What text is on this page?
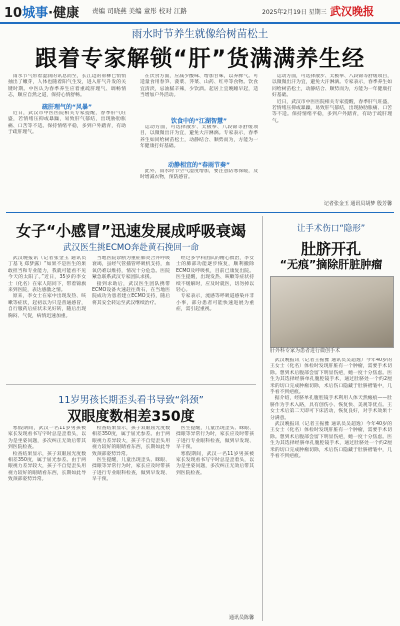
10城事·健康 责编 司晓燕 美编 童彤 校对 江路	2025年2月19日 星期三 武汉晚报
雨水时节养生就像给树苗松土
跟着专家解锁“肝”货满满养生经

雨水节气带着湿润的讯息而至，长江边的垂柳已悄悄抽出了嫩芽，人体也随着阳气生发，进入肝气升发的关键时期。中医认为春季养生应着重疏肝理气、调畅情志，顺应自然之道，保持心情舒畅。

疏肝理气的“风暴”

近日，武汉市中医医院相关专家提醒，春季肝气旺盛，若情绪压抑或暴躁，易致肝气郁结，出现胁肋胀痛、口苦等不适。保持情绪平稳，多到户外踏青，有助于疏肝理气。

在饮食方面，应减少酸味、增加甘味，以养脾气。可适量食用春笋、菠菜、荠菜、山药、红枣等食物。饮食宜清淡，忌油腻辛辣，少饮酒。起居上宜晚睡早起，适当增加户外活动。

饮食中的“江湖智慧”

运动方面，可选择散步、太极拳、八段锦等舒缓项目，以微微出汗为宜，避免大汗淋漓。专家表示，春季养生如同给树苗松土，动静结合、顺势而为，方能为一年健康打好基础。

动静相宜的“春雨节奏”

此外，雨水时节空气湿度增加，要注意防寒保暖，及时增减衣物，预防感冒。

运动方面，可选择散步、太极拳、八段锦等舒缓项目，以微微出汗为宜，避免大汗淋漓。专家表示，春季养生如同给树苗松土，动静结合、顺势而为，方能为一年健康打好基础。

近日，武汉市中医医院相关专家提醒，春季肝气旺盛，若情绪压抑或暴躁，易致肝气郁结，出现胁肋胀痛、口苦等不适。保持情绪平稳，多到户外踏青，有助于疏肝理气。

记者张金玉 通讯员胡梦 殷芳馨
女子“小感冒”迅速发展成呼吸衰竭
武汉医生挑ECMO奔赴黄石挽回一命

武汉晚报讯（记者张金玉 通讯员丁基飞 郑梦露）“如果不是医生的果敢担当和专业能力，我就可能看不见今天的太阳了。”近日，35岁的李女士（化名）在家人陪同下，带着锦旗来到医院，表达感激之情。

原来，李女士在家中出现发热、咳嗽等症状，起初以为只是普通感冒，自行服药后症状未见好转，随后出现胸闷、气促，病情迅速加重。

当地医院诊断为重症肺炎合并呼吸衰竭，虽经气管插管呼吸机支持，血氧仍难以维持，情况十分危急。医院紧急联系武汉专家团队求援。

接到求助后，武汉医生团队携带ECMO设备火速赶往黄石，在当地医院成功为患者建立ECMO支持，随后将其安全转运至武汉继续治疗。

经过多学科团队的精心救治，李女士的肺部功能逐步恢复，顺利撤除ECMO及呼吸机，目前已康复出院。医生提醒，出现发热、咳嗽等症状持续不缓解时，应及时就医，切勿掉以轻心。

专家表示，流感等呼吸道感染并非小事，部分患者可能快速进展为重症，需引起重视。

让手术伤口“隐形”
肚脐开孔
“无痕”摘除肝脏肿瘤
肝外科专家为患者进行微创手术

武汉晚报讯（记者王振雅 通讯员吴超逸）今年40岁的王女士（化名）体检时发现肝脏有一个肿瘤，需要手术切除。想到术后腹部会留下明显伤疤，她一度十分焦虑。医生为其选择经脐单孔腹腔镜手术，通过肚脐处一个约2厘米的切口完成肿瘤切除，术后伤口隐藏于肚脐褶皱中，几乎看不到疤痕。

据介绍，经脐单孔腹腔镜手术利用人体天然瘢痕——肚脐作为手术入路，具有创伤小、恢复快、美观等优点。王女士术后第二天即可下床活动，恢复良好，对手术效果十分满意。

武汉晚报讯（记者王振雅 通讯员吴超逸）今年40岁的王女士（化名）体检时发现肝脏有一个肿瘤，需要手术切除。想到术后腹部会留下明显伤疤，她一度十分焦虑。医生为其选择经脐单孔腹腔镜手术，通过肚脐处一个约2厘米的切口完成肿瘤切除，术后伤口隐藏于肚脐褶皱中，几乎看不到疤痕。

11岁男孩长期歪头看书导致“斜颈”
双眼度数相差350度

寒假期间，武汉一名11岁男孩被家长发现看书写字时总是歪着头，以为是坐姿问题，多次纠正无效后带其到医院检查。

检查结果显示，孩子双眼屈光度数相差350度，属于屈光参差。由于两眼视力差异较大，孩子不自觉歪头用视力较好的眼睛看东西，长期如此导致颈部姿势异常。

检查结果显示，孩子双眼屈光度数相差350度，属于屈光参差。由于两眼视力差异较大，孩子不自觉歪头用视力较好的眼睛看东西，长期如此导致颈部姿势异常。

医生提醒，儿童出现歪头、眯眼、揉眼等异常行为时，家长应及时带孩子进行专业眼科检查，做到早发现、早干预。

医生提醒，儿童出现歪头、眯眼、揉眼等异常行为时，家长应及时带孩子进行专业眼科检查，做到早发现、早干预。

寒假期间，武汉一名11岁男孩被家长发现看书写字时总是歪着头，以为是坐姿问题，多次纠正无效后带其到医院检查。

通讯员陈馨
